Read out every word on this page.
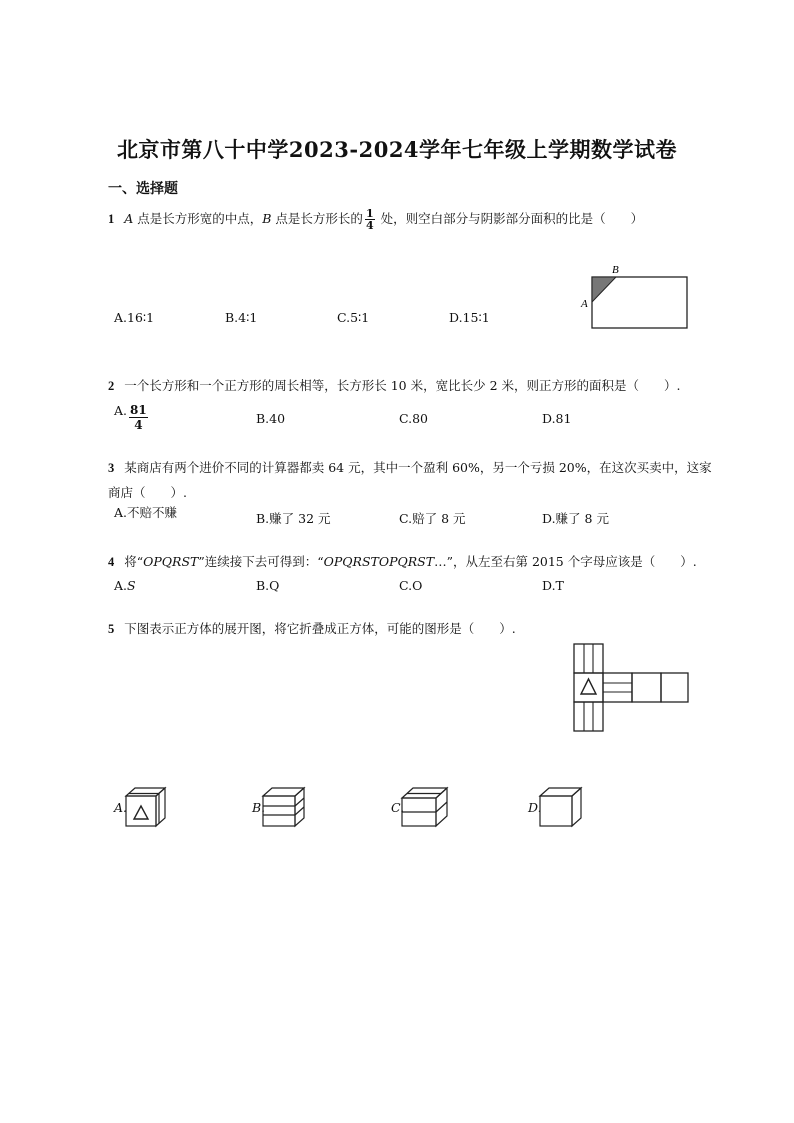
北京市第八十中学2023-2024学年七年级上学期数学试卷
一、选择题
1 A 点是长方形宽的中点，B 点是长方形长的 $\frac{1}{4}$ 处，则空白部分与阴影部分面积的比是（　　）
A.16∶1	B.4∶1	C.5∶1	D.15∶1
B
A
2 一个长方形和一个正方形的周长相等，长方形长 10 米，宽比长少 2 米，则正方形的面积是（　　）.
A. $\frac{81}{4}$	B.40	C.80	D.81
3 某商店有两个进价不同的计算器都卖 64 元，其中一个盈利 60%，另一个亏损 20%，在这次买卖中，这家
商店（　　）.
A.不赔不赚	B.赚了 32 元	C.赔了 8 元	D.赚了 8 元
4 将“OPQRST”连续接下去可得到：“OPQRSTOPQRST…”，从左至右第 2015 个字母应该是（　　）.
A.S	B.Q	C.O	D.T
5 下图表示正方体的展开图，将它折叠成正方体，可能的图形是（　　）.
A.	B.	C.	D.
